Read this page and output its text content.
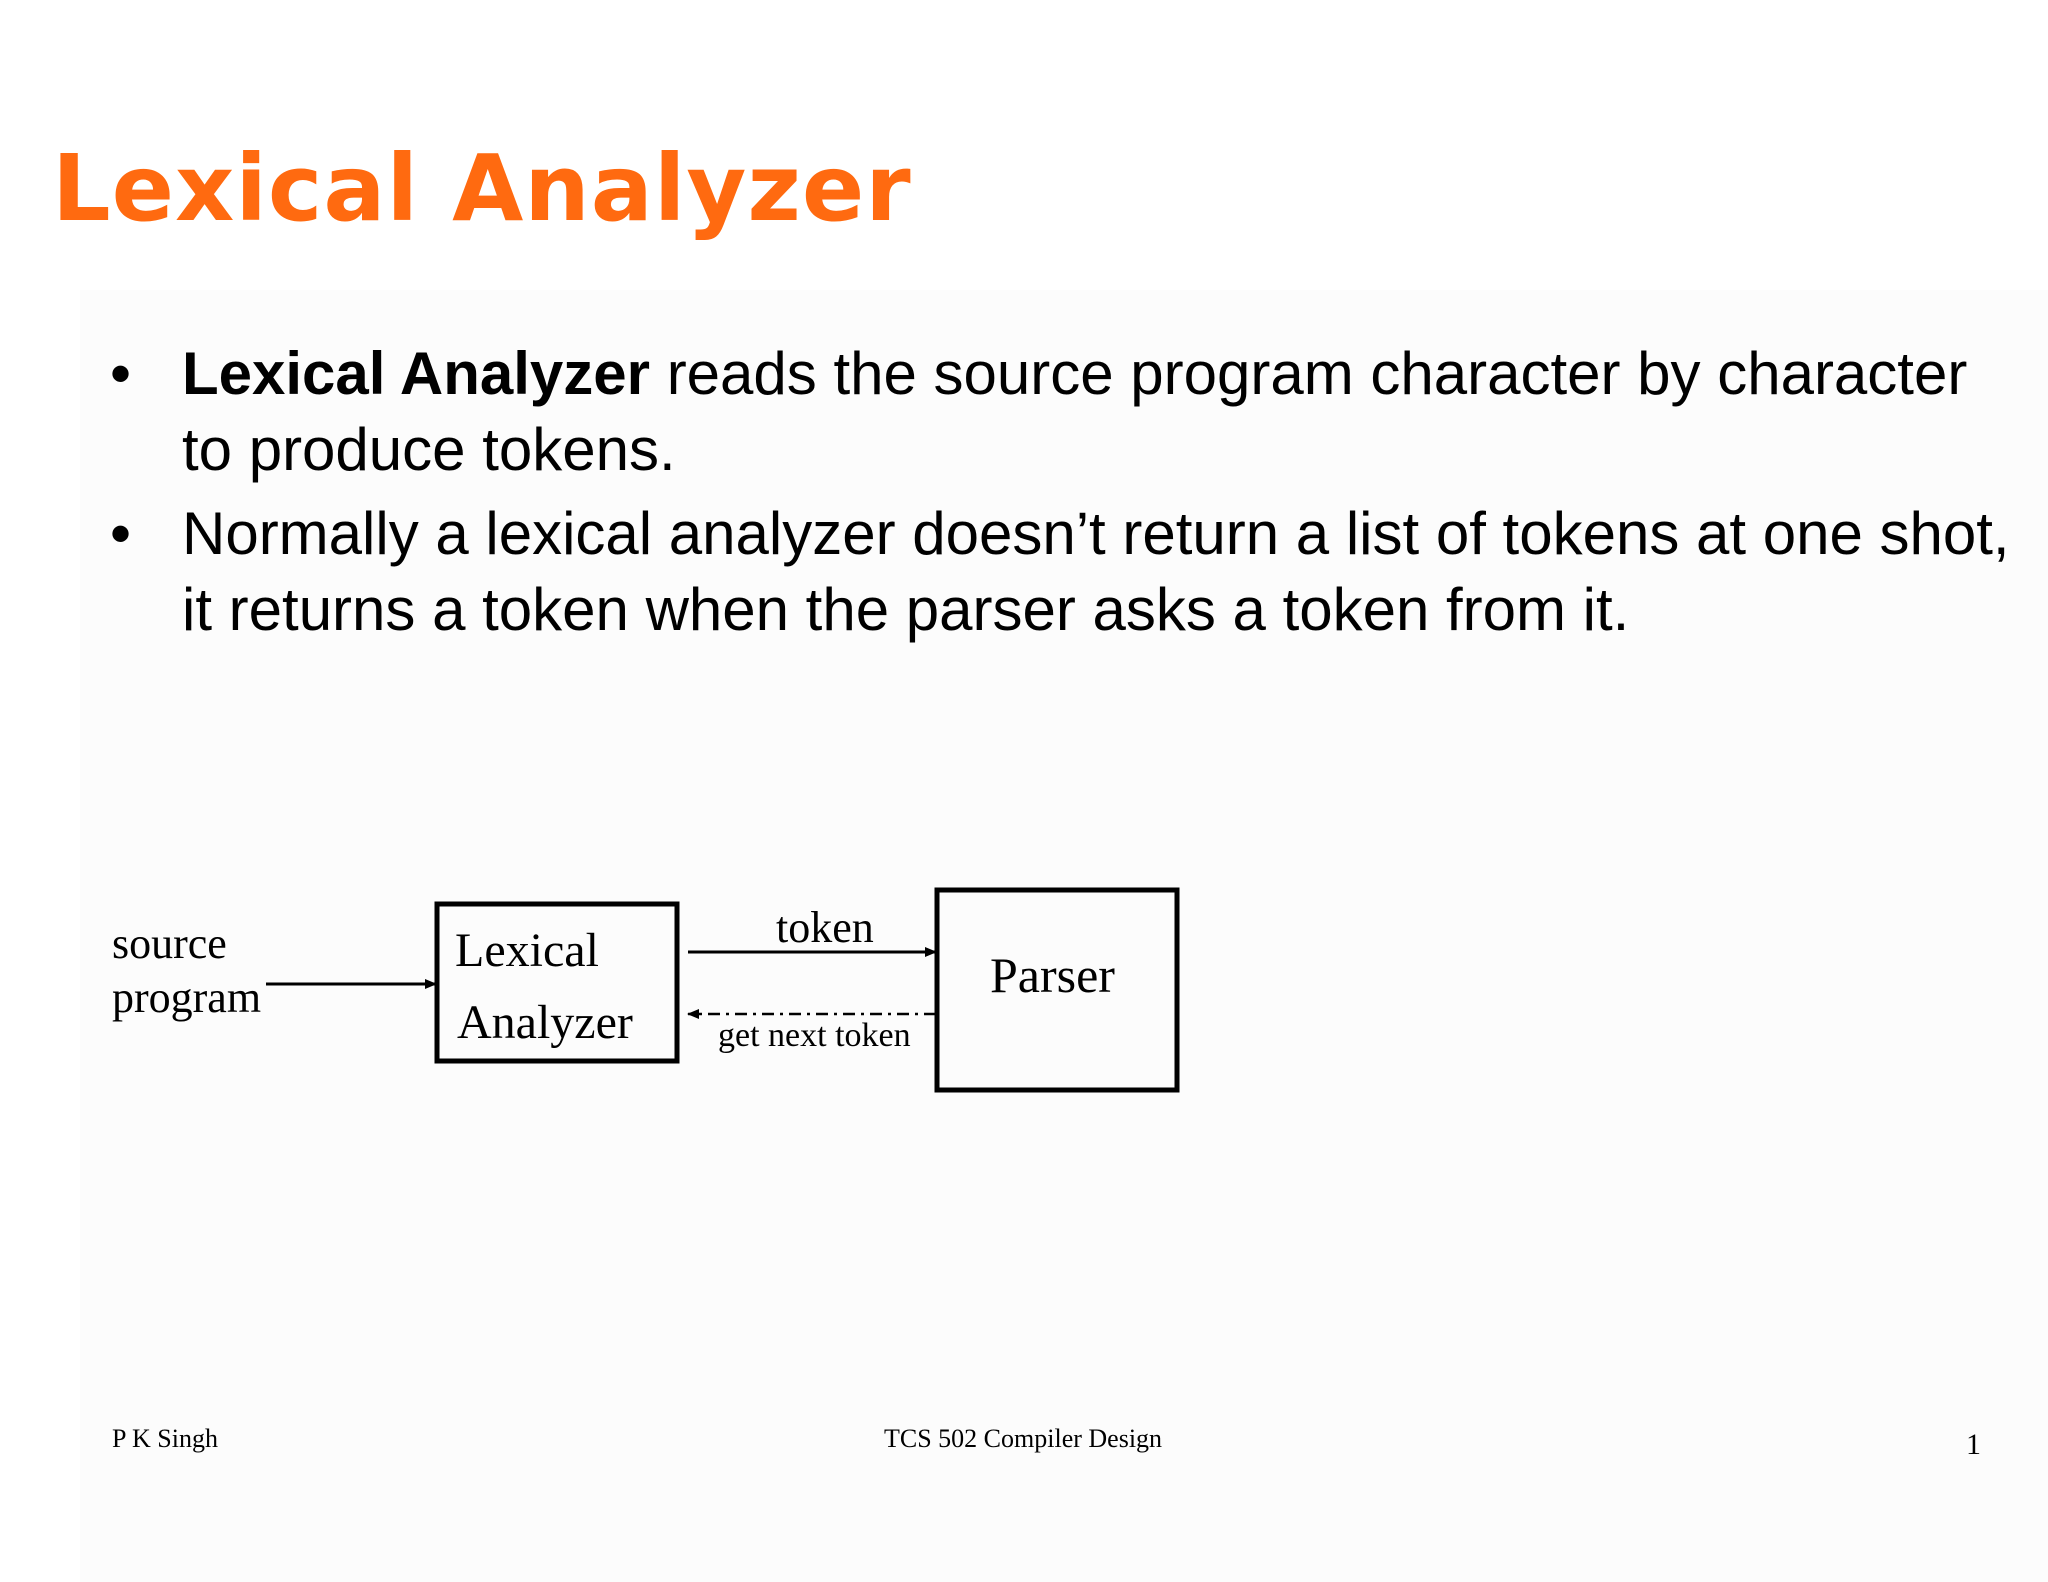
Lexical Analyzer
• Lexical Analyzer reads the source program character by character to produce tokens.
• Normally a lexical analyzer doesn’t return a list of tokens at one shot, it returns a token when the parser asks a token from it.
source
program
Lexical
Analyzer
token
get next token
Parser
P K Singh	TCS 502 Compiler Design	1
